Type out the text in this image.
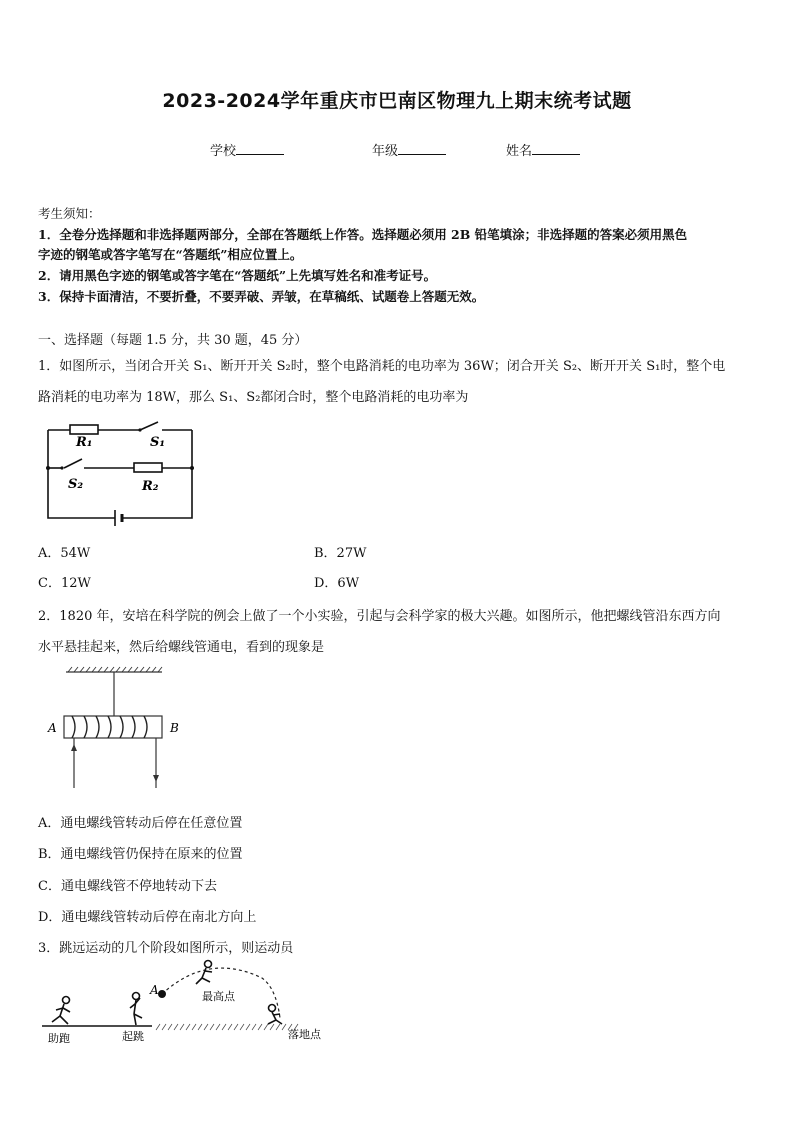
2023-2024学年重庆市巴南区物理九上期末统考试题
学校	年级	姓名
考生须知：
1．全卷分选择题和非选择题两部分，全部在答题纸上作答。选择题必须用 2B 铅笔填涂；非选择题的答案必须用黑色
字迹的钢笔或答字笔写在“答题纸”相应位置上。
2．请用黑色字迹的钢笔或答字笔在“答题纸”上先填写姓名和准考证号。
3．保持卡面清洁，不要折叠，不要弄破、弄皱，在草稿纸、试题卷上答题无效。
一、选择题（每题 1.5 分，共 30 题，45 分）
1．如图所示，当闭合开关 S₁、断开开关 S₂时，整个电路消耗的电功率为 36W；闭合开关 S₂、断开开关 S₁时，整个电
路消耗的电功率为 18W，那么 S₁、S₂都闭合时，整个电路消耗的电功率为
R₁	S₁
S₂	R₂
A．54W	B．27W
C．12W	D．6W
2．1820 年，安培在科学院的例会上做了一个小实验，引起与会科学家的极大兴趣。如图所示，他把螺线管沿东西方向
水平悬挂起来，然后给螺线管通电，看到的现象是
A	B
A．通电螺线管转动后停在任意位置
B．通电螺线管仍保持在原来的位置
C．通电螺线管不停地转动下去
D．通电螺线管转动后停在南北方向上
3．跳远运动的几个阶段如图所示，则运动员
A	最高点
助跑	起跳	落地点
